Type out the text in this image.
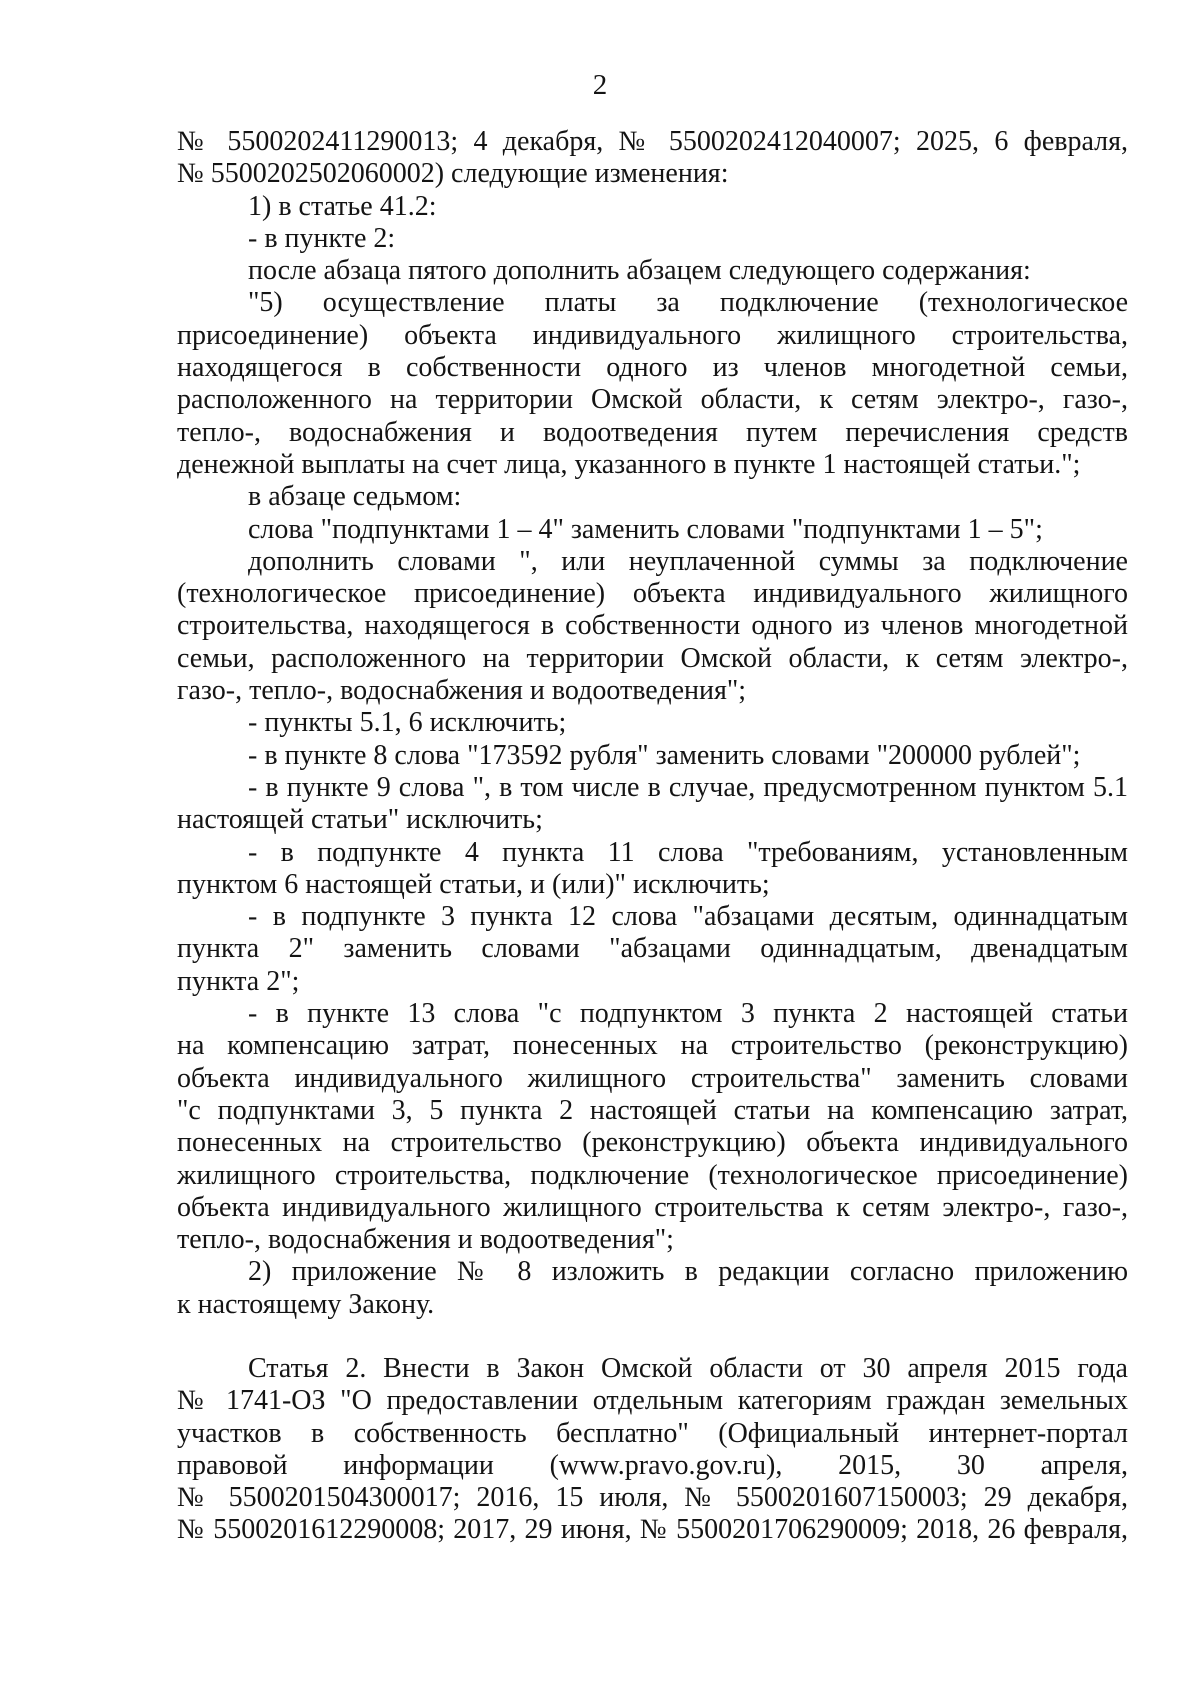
2

№ 5500202411290013; 4 декабря, № 5500202412040007; 2025, 6 февраля,

№ 5500202502060002) следующие изменения:

1) в статье 41.2:

- в пункте 2:

после абзаца пятого дополнить абзацем следующего содержания:

"5) осуществление платы за подключение (технологическое

присоединение) объекта индивидуального жилищного строительства,

находящегося в собственности одного из членов многодетной семьи,

расположенного на территории Омской области, к сетям электро-, газо-,

тепло-, водоснабжения и водоотведения путем перечисления средств

денежной выплаты на счет лица, указанного в пункте 1 настоящей статьи.";

в абзаце седьмом:

слова "подпунктами 1 – 4" заменить словами "подпунктами 1 – 5";

дополнить словами ", или неуплаченной суммы за подключение

(технологическое присоединение) объекта индивидуального жилищного

строительства, находящегося в собственности одного из членов многодетной

семьи, расположенного на территории Омской области, к сетям электро-,

газо-, тепло-, водоснабжения и водоотведения";

- пункты 5.1, 6 исключить;

- в пункте 8 слова "173592 рубля" заменить словами "200000 рублей";

- в пункте 9 слова ", в том числе в случае, предусмотренном пунктом 5.1

настоящей статьи" исключить;

- в подпункте 4 пункта 11 слова "требованиям, установленным

пунктом 6 настоящей статьи, и (или)" исключить;

- в подпункте 3 пункта 12 слова "абзацами десятым, одиннадцатым

пункта 2" заменить словами "абзацами одиннадцатым, двенадцатым

пункта 2";

- в пункте 13 слова "с подпунктом 3 пункта 2 настоящей статьи

на компенсацию затрат, понесенных на строительство (реконструкцию)

объекта индивидуального жилищного строительства" заменить словами

"с подпунктами 3, 5 пункта 2 настоящей статьи на компенсацию затрат,

понесенных на строительство (реконструкцию) объекта индивидуального

жилищного строительства, подключение (технологическое присоединение)

объекта индивидуального жилищного строительства к сетям электро-, газо-,

тепло-, водоснабжения и водоотведения";

2) приложение № 8 изложить в редакции согласно приложению

к настоящему Закону.

Статья 2. Внести в Закон Омской области от 30 апреля 2015 года

№ 1741-ОЗ "О предоставлении отдельным категориям граждан земельных

участков в собственность бесплатно" (Официальный интернет-портал

правовой информации (www.pravo.gov.ru), 2015, 30 апреля,

№ 5500201504300017; 2016, 15 июля, № 5500201607150003; 29 декабря,

№ 5500201612290008; 2017, 29 июня, № 5500201706290009; 2018, 26 февраля,
